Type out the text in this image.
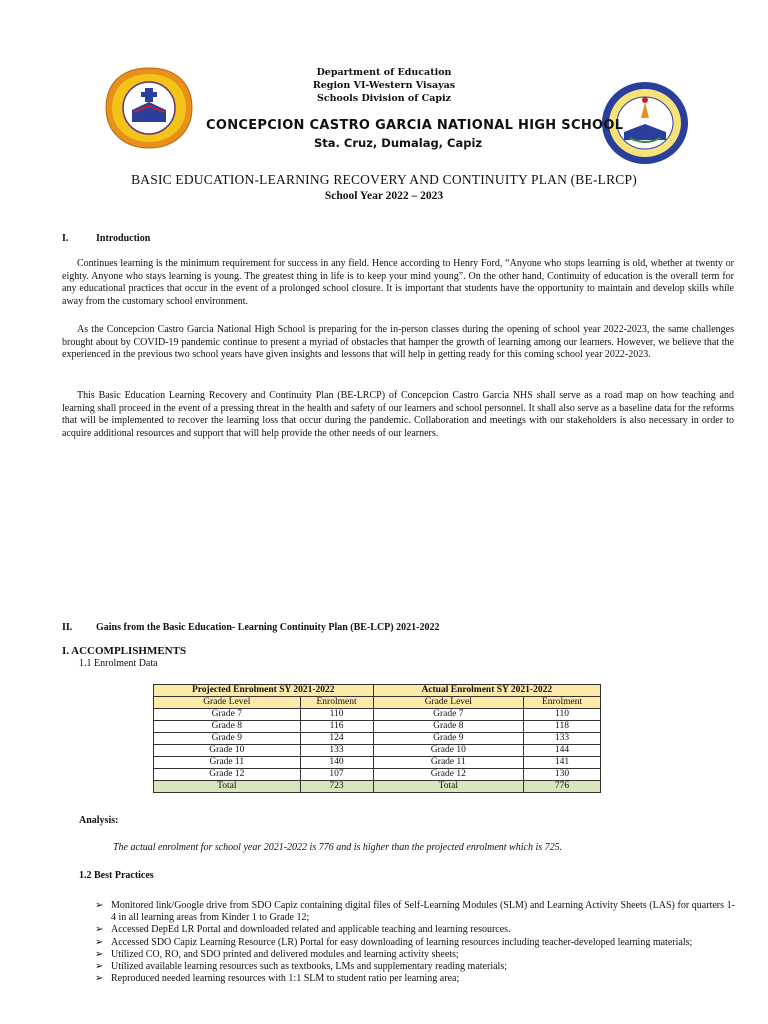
Department of Education
Region VI-Western Visayas
Schools Division of Capiz
CONCEPCION CASTRO GARCIA NATIONAL HIGH SCHOOL
Sta. Cruz, Dumalag, Capiz
BASIC EDUCATION-LEARNING RECOVERY AND CONTINUITY PLAN (BE-LRCP)
School Year 2022 – 2023
I.	Introduction
Continues learning is the minimum requirement for success in any field. Hence according to Henry Ford, “Anyone who stops learning is old, whether at twenty or eighty. Anyone who stays learning is young. The greatest thing in life is to keep your mind young”. On the other hand, Continuity of education is the overall term for any educational practices that occur in the event of a prolonged school closure. It is important that students have the opportunity to maintain and develop skills while away from the customary school environment.
As the Concepcion Castro Garcia National High School is preparing for the in-person classes during the opening of school year 2022-2023, the same challenges brought about by COVID-19 pandemic continue to present a myriad of obstacles that hamper the growth of learning among our learners. However, we believe that the experienced in the previous two school years have given insights and lessons that will help in getting ready for this coming school year 2022-2023.
This Basic Education Learning Recovery and Continuity Plan (BE-LRCP) of Concepcion Castro Garcia NHS shall serve as a road map on how teaching and learning shall proceed in the event of a pressing threat in the health and safety of our learners and school personnel. It shall also serve as a baseline data for the reforms that will be implemented to recover the learning loss that occur during the pandemic. Collaboration and meetings with our stakeholders is also necessary in order to acquire additional resources and support that will help provide the other needs of our learners.
II. Gains from the Basic Education- Learning Continuity Plan (BE-LCP) 2021-2022
I. ACCOMPLISHMENTS
1.1 Enrolment Data
Projected Enrolment SY 2021-2022		Actual Enrolment SY 2021-2022	
Grade Level	Enrolment	Grade Level	Enrolment
Grade 7	110	Grade 7	110
Grade 8	116	Grade 8	118
Grade 9	124	Grade 9	133
Grade 10	133	Grade 10	144
Grade 11	140	Grade 11	141
Grade 12	107	Grade 12	130
Total	723	Total	776
Analysis:
The actual enrolment for school year 2021-2022 is 776 and is higher than the projected enrolment which is 725.
1.2 Best Practices
➢ Monitored link/Google drive from SDO Capiz containing digital files of Self-Learning Modules (SLM) and Learning Activity Sheets (LAS) for quarters 1-4 in all learning areas from Kinder 1 to Grade 12;
➢ Accessed DepEd LR Portal and downloaded related and applicable teaching and learning resources.
➢ Accessed SDO Capiz Learning Resource (LR) Portal for easy downloading of learning resources including teacher-developed learning materials;
➢ Utilized CO, RO, and SDO printed and delivered modules and learning activity sheets;
➢ Utilized available learning resources such as textbooks, LMs and supplementary reading materials;
➢ Reproduced needed learning resources with 1:1 SLM to student ratio per learning area;
